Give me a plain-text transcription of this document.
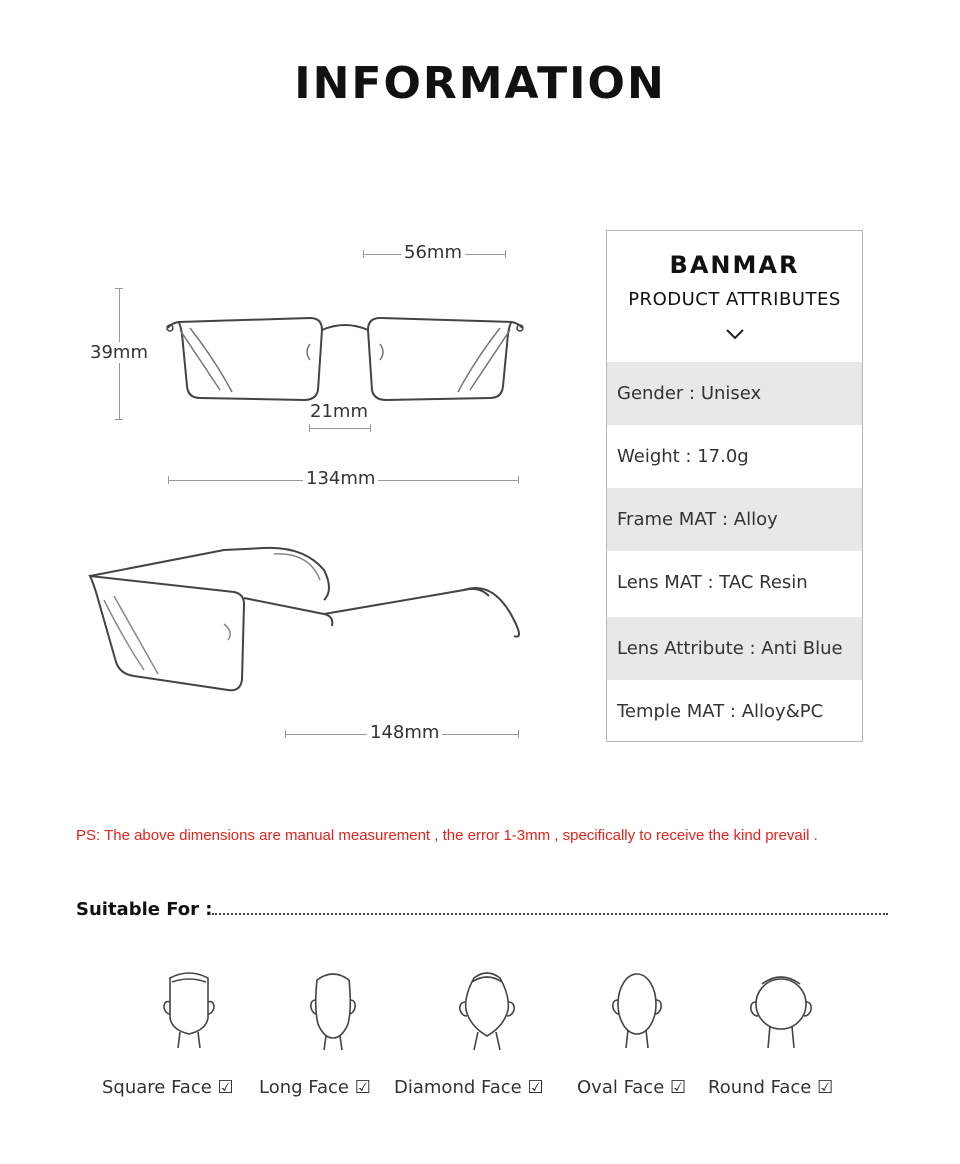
INFORMATION
56mm
39mm
21mm
134mm
148mm
BANMAR
PRODUCT ATTRIBUTES
Gender : Unisex
Weight : 17.0g
Frame MAT : Alloy
Lens MAT : TAC Resin
Lens Attribute : Anti Blue
Temple MAT : Alloy&PC
PS: The above dimensions are manual measurement , the error 1-3mm , specifically to receive the kind prevail .
Suitable For :
Square Face ☑ Long Face ☑ Diamond Face ☑ Oval Face ☑ Round Face ☑
